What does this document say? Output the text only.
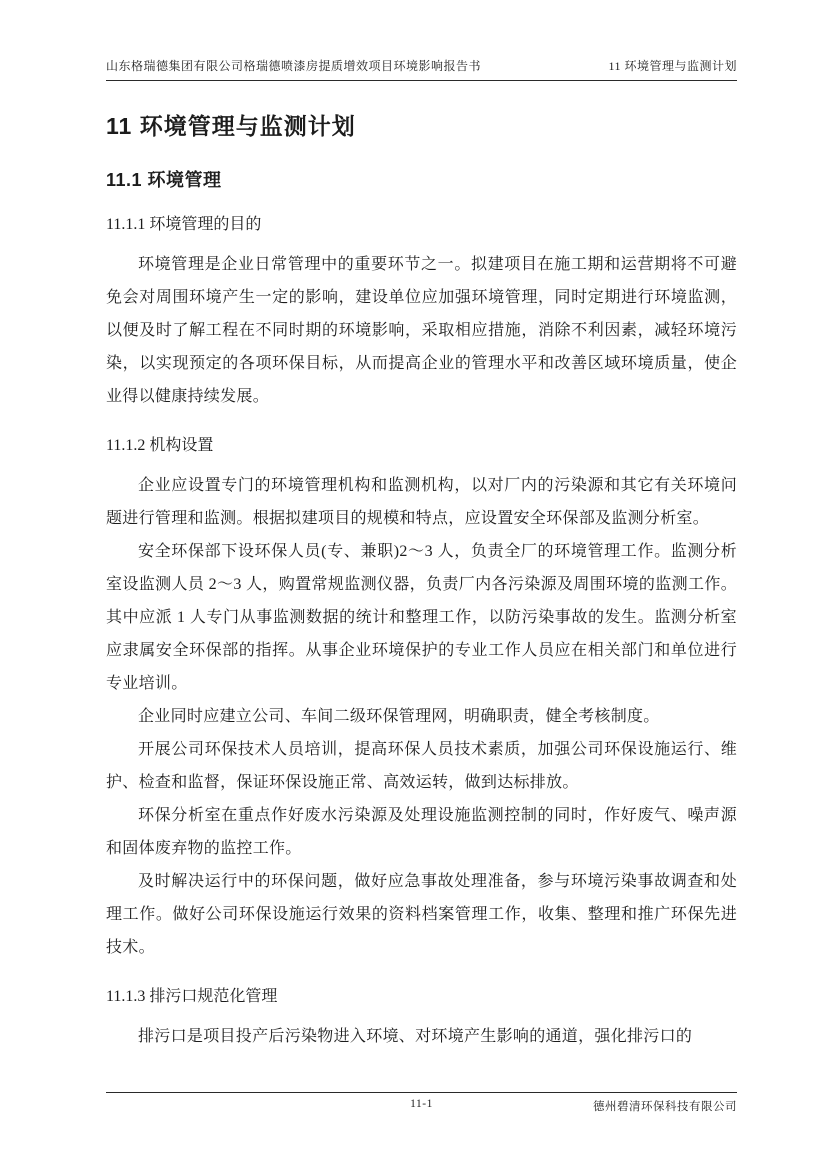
山东格瑞德集团有限公司格瑞德喷漆房提质增效项目环境影响报告书	11 环境管理与监测计划
11 环境管理与监测计划
11.1 环境管理
11.1.1 环境管理的目的

环境管理是企业日常管理中的重要环节之一。拟建项目在施工期和运营期将不可避免会对周围环境产生一定的影响，建设单位应加强环境管理，同时定期进行环境监测，以便及时了解工程在不同时期的环境影响，采取相应措施，消除不利因素，减轻环境污染，以实现预定的各项环保目标，从而提高企业的管理水平和改善区域环境质量，使企业得以健康持续发展。

11.1.2 机构设置

企业应设置专门的环境管理机构和监测机构，以对厂内的污染源和其它有关环境问题进行管理和监测。根据拟建项目的规模和特点，应设置安全环保部及监测分析室。

安全环保部下设环保人员(专、兼职)2～3 人，负责全厂的环境管理工作。监测分析室设监测人员 2～3 人，购置常规监测仪器，负责厂内各污染源及周围环境的监测工作。其中应派 1 人专门从事监测数据的统计和整理工作，以防污染事故的发生。监测分析室应隶属安全环保部的指挥。从事企业环境保护的专业工作人员应在相关部门和单位进行专业培训。

企业同时应建立公司、车间二级环保管理网，明确职责，健全考核制度。

开展公司环保技术人员培训，提高环保人员技术素质，加强公司环保设施运行、维护、检查和监督，保证环保设施正常、高效运转，做到达标排放。

环保分析室在重点作好废水污染源及处理设施监测控制的同时，作好废气、噪声源和固体废弃物的监控工作。

及时解决运行中的环保问题，做好应急事故处理准备，参与环境污染事故调查和处理工作。做好公司环保设施运行效果的资料档案管理工作，收集、整理和推广环保先进技术。

11.1.3 排污口规范化管理

排污口是项目投产后污染物进入环境、对环境产生影响的通道，强化排污口的

11-1	德州碧清环保科技有限公司
